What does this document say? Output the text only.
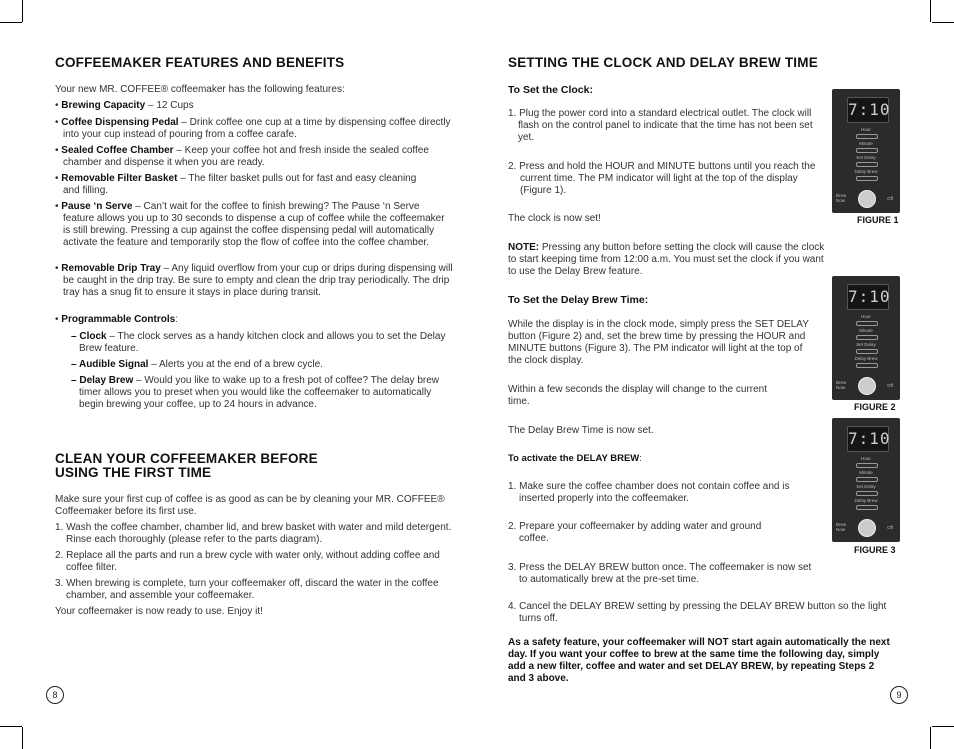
COFFEEMAKER FEATURES AND BENEFITS
Your new MR. COFFEE® coffeemaker has the following features:
• Brewing Capacity – 12 Cups
• Coffee Dispensing Pedal – Drink coffee one cup at a time by dispensing coffee directly into your cup instead of pouring from a coffee carafe.
• Sealed Coffee Chamber – Keep your coffee hot and fresh inside the sealed coffee chamber and dispense it when you are ready.
• Removable Filter Basket – The filter basket pulls out for fast and easy cleaning and filling.
• Pause ‘n Serve – Can’t wait for the coffee to finish brewing? The Pause ‘n Serve feature allows you up to 30 seconds to dispense a cup of coffee while the coffeemaker is still brewing. Pressing a cup against the coffee dispensing pedal will automatically activate the feature and temporarily stop the flow of coffee into the coffee chamber.
• Removable Drip Tray – Any liquid overflow from your cup or drips during dispensing will be caught in the drip tray. Be sure to empty and clean the drip tray periodically. The drip tray has a snug fit to ensure it stays in place during transit.
• Programmable Controls:
– Clock – The clock serves as a handy kitchen clock and allows you to set the Delay Brew feature.
– Audible Signal – Alerts you at the end of a brew cycle.
– Delay Brew – Would you like to wake up to a fresh pot of coffee? The delay brew timer allows you to preset when you would like the coffeemaker to automatically begin brewing your coffee, up to 24 hours in advance.
CLEAN YOUR COFFEEMAKER BEFORE
USING THE FIRST TIME
Make sure your first cup of coffee is as good as can be by cleaning your MR. COFFEE® Coffeemaker before its first use.
1. Wash the coffee chamber, chamber lid, and brew basket with water and mild detergent. Rinse each thoroughly (please refer to the parts diagram).
2. Replace all the parts and run a brew cycle with water only, without adding coffee and coffee filter.
3. When brewing is complete, turn your coffeemaker off, discard the water in the coffee chamber, and assemble your coffeemaker.
Your coffeemaker is now ready to use. Enjoy it!
8
SETTING THE CLOCK AND DELAY BREW TIME
To Set the Clock:
1. Plug the power cord into a standard electrical outlet. The clock will flash on the control panel to indicate that the time has not been set yet.
2. Press and hold the HOUR and MINUTE buttons until you reach the current time. The PM indicator will light at the top of the display (Figure 1).
The clock is now set!
NOTE: Pressing any button before setting the clock will cause the clock to start keeping time from 12:00 a.m. You must set the clock if you want to use the Delay Brew feature.
To Set the Delay Brew Time:
While the display is in the clock mode, simply press the SET DELAY button (Figure 2) and, set the brew time by pressing the HOUR and MINUTE buttons (Figure 3). The PM indicator will light at the top of the clock display.
Within a few seconds the display will change to the current time.
The Delay Brew Time is now set.
To activate the DELAY BREW:
1. Make sure the coffee chamber does not contain coffee and is inserted properly into the coffeemaker.
2. Prepare your coffeemaker by adding water and ground coffee.
3. Press the DELAY BREW button once. The coffeemaker is now set to automatically brew at the pre-set time.
4. Cancel the DELAY BREW setting by pressing the DELAY BREW button so the light turns off.
As a safety feature, your coffeemaker will NOT start again automatically the next day. If you want your coffee to brew at the same time the following day, simply add a new filter, coffee and water and set DELAY BREW, by repeating Steps 2 and 3 above.
7:10
Hour
Minute
Set Delay
Delay Brew
Brew Now	Off
FIGURE 1
7:10
Hour
Minute
Set Delay
Delay Brew
Brew Now	Off
FIGURE 2
7:10
Hour
Minute
Set Delay
Delay Brew
Brew Now	Off
FIGURE 3
9
